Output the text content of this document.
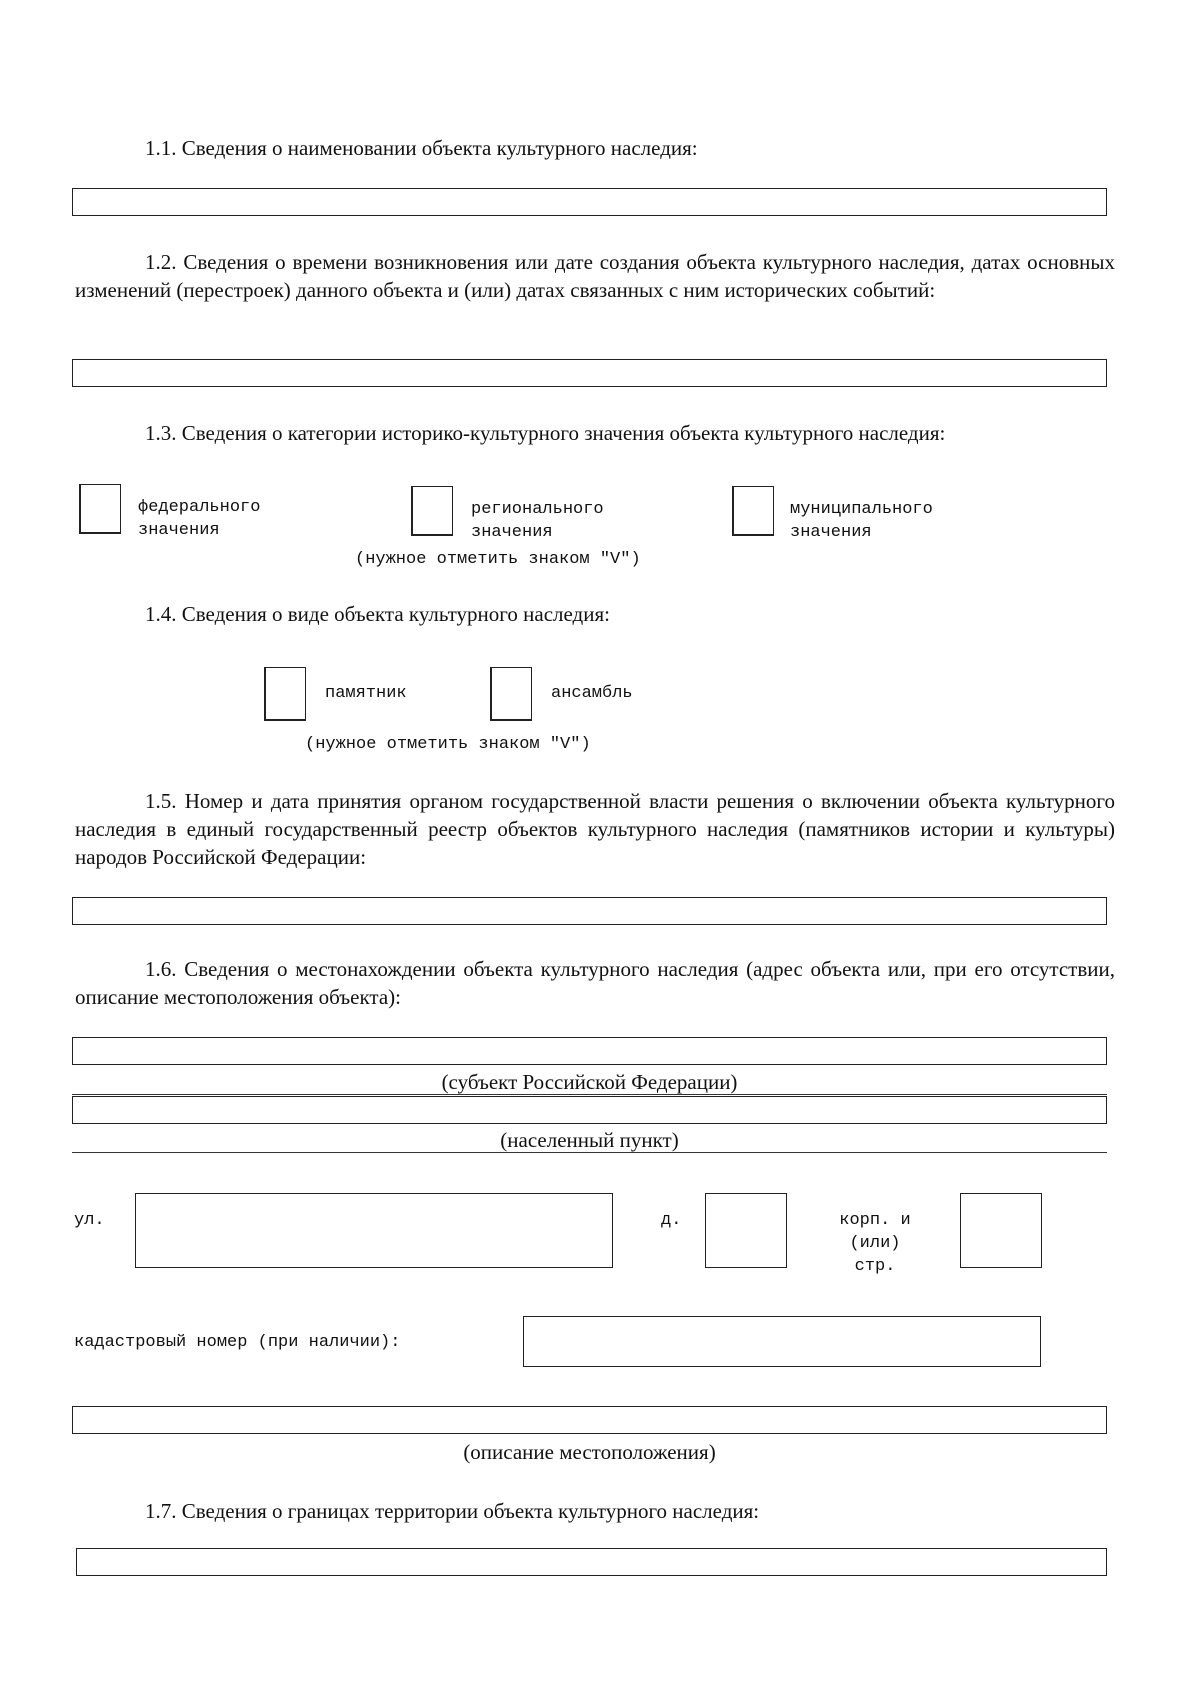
1.1. Сведения о наименовании объекта культурного наследия:
1.2. Сведения о времени возникновения или дате создания объекта культурного наследия, датах основных изменений (перестроек) данного объекта и (или) датах связанных с ним исторических событий:
1.3. Сведения о категории историко-культурного значения объекта культурного наследия:
федерального
значения
регионального
значения
муниципального
значения
(нужное отметить знаком "V")
1.4. Сведения о виде объекта культурного наследия:
памятник	ансамбль
(нужное отметить знаком "V")
1.5. Номер и дата принятия органом государственной власти решения о включении объекта культурного наследия в единый государственный реестр объектов культурного наследия (памятников истории и культуры) народов Российской Федерации:
1.6. Сведения о местонахождении объекта культурного наследия (адрес объекта или, при его отсутствии, описание местоположения объекта):
(субъект Российской Федерации)
(населенный пункт)
ул.	д.	корп. и
(или)
стр.
кадастровый номер (при наличии):
(описание местоположения)
1.7. Сведения о границах территории объекта культурного наследия:
